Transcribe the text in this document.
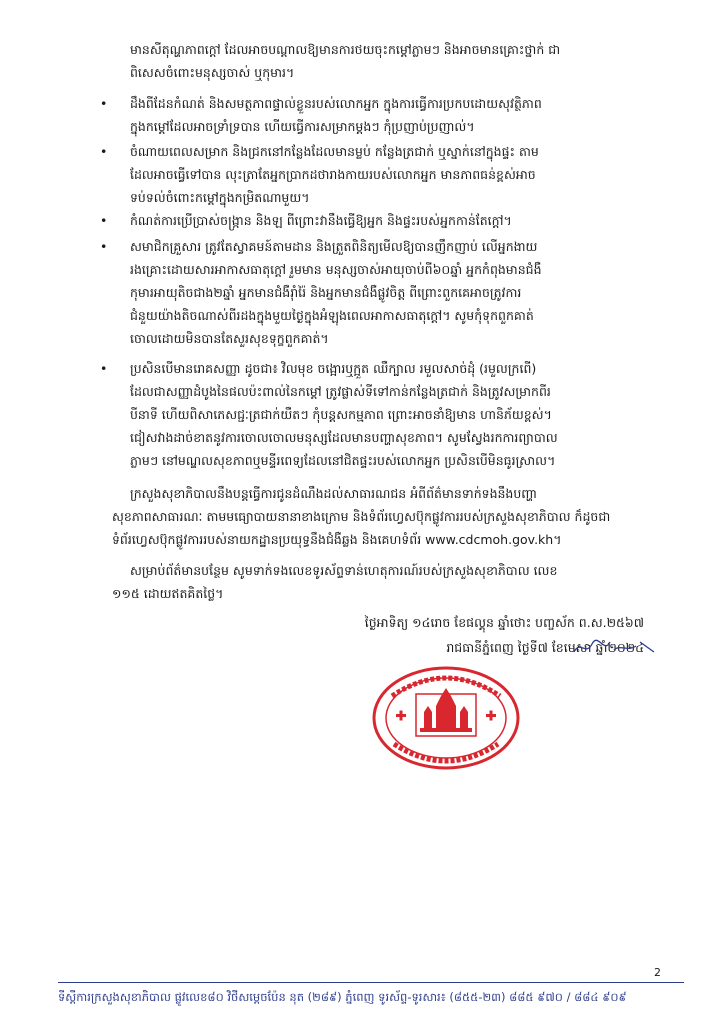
មានសីតុណ្ហភាពក្តៅ ដែលអាចបណ្តាលឱ្យមានការថយចុះកម្តៅភ្លាមៗ និងអាចមានគ្រោះថ្នាក់ ជា
ពិសេសចំពោះមនុស្សចាស់ ឬកុមារ។

•	ដឹងពីដែនកំណត់ និងសមត្ថភាពផ្ទាល់ខ្លួនរបស់លោកអ្នក ក្នុងការធ្វើការប្រកបដោយសុវត្ថិភាព
ក្នុងកម្តៅដែលអាចទ្រាំទ្របាន ហើយធ្វើការសម្រាកម្តងៗ កុំប្រញាប់ប្រញាល់។
•	ចំណាយពេលសម្រាក និងជ្រកនៅកន្លែងដែលមានម្លប់ កន្លែងត្រជាក់ ឬស្នាក់នៅក្នុងផ្ទះ តាម
ដែលអាចធ្វើទៅបាន លុះត្រាតែអ្នកប្រាកដថារាងកាយរបស់លោកអ្នក មានភាពធន់ខ្ពស់អាច
ទប់ទល់ចំពោះកម្តៅក្នុងកម្រិតណាមួយ។
•	កំណត់ការប្រើប្រាស់ចង្ក្រាន និងឡ ពីព្រោះវានឹងធ្វើឱ្យអ្នក និងផ្ទះរបស់អ្នកកាន់តែក្តៅ។
•	សមាជិកគ្រួសារ ត្រូវតែស្វាគមន៍តាមដាន និងត្រួតពិនិត្យមើលឱ្យបានញឹកញាប់ លើអ្នកងាយ
រងគ្រោះដោយសារអាកាសធាតុក្តៅ រួមមាន មនុស្សចាស់អាយុចាប់ពី៦០ឆ្នាំ អ្នកកំពុងមានជំងឺ
កុមារអាយុតិចជាង២ឆ្នាំ អ្នកមានជំងឺរ៉ាំរ៉ៃ និងអ្នកមានជំងឺផ្លូវចិត្ត ពីព្រោះពួកគេអាចត្រូវការ
ជំនួយយ៉ាងតិចណាស់ពីរដងក្នុងមួយថ្ងៃក្នុងអំឡុងពេលអាកាសធាតុក្តៅ។ សូមកុំទុកពួកគាត់
ចោលដោយមិនបានតែសួរសុខទុក្ខពួកគាត់។
•	ប្រសិនបើមានរោគសញ្ញា ដូចជា៖ វិលមុខ ចង្អោរឬក្អួត ឈឺក្បាល រមួលសាច់ដុំ (រមួលក្រពើ)
ដែលជាសញ្ញាដំបូងនៃផលប៉ះពាល់នៃកម្តៅ ត្រូវផ្លាស់ទីទៅកាន់កន្លែងត្រជាក់ និងត្រូវសម្រាកពីរ
បីនាទី ហើយពិសាភេសជ្ជៈត្រជាក់យឺតៗ កុំបន្តសកម្មភាព ព្រោះអាចនាំឱ្យមាន ហានិភ័យខ្ពស់។
ជៀសវាងដាច់ខាតនូវការចោលចោលមនុស្សដែលមានបញ្ហាសុខភាព។ សូមស្វែងរកការព្យាបាល
ភ្លាមៗ នៅមណ្ឌលសុខភាពឬមន្ទីរពេទ្យដែលនៅជិតផ្ទះរបស់លោកអ្នក ប្រសិនបើមិនធូរស្រាល។

ក្រសួងសុខាភិបាលនឹងបន្តធ្វើការជូនដំណឹងដល់សាធារណជន អំពីព័ត៌មានទាក់ទងនឹងបញ្ហា
សុខភាពសាធារណៈ តាមមធ្យោបាយនានាខាងក្រោម និងទំព័រហ្វេសប៊ុកផ្លូវការរបស់ក្រសួងសុខាភិបាល ក៏ដូចជា
ទំព័រហ្វេសប៊ុកផ្លូវការរបស់នាយកដ្ឋានប្រយុទ្ធនឹងជំងឺឆ្លង និងគេហទំព័រ www.cdcmoh.gov.kh។

សម្រាប់ព័ត៌មានបន្ថែម សូមទាក់ទងលេខទូរស័ព្ទទាន់ហេតុការណ៍របស់ក្រសួងសុខាភិបាល លេខ
១១៥ ដោយឥតគិតថ្លៃ។

ថ្ងៃអាទិត្យ ១៤រោច ខែផល្គុន ឆ្នាំថោះ បញ្ចស័ក ព.ស.២៥៦៧
រាជធានីភ្នំពេញ ថ្ងៃទី៧ ខែមេសា ឆ្នាំ២០២៤
2
ទីស្តីការក្រសួងសុខាភិបាល ផ្លូវលេខ៨០ វិថីសម្តេចប៉ែន នុត (២៨៩) ភ្នំពេញ ទូរស័ព្ទ-ទូរសារ៖ (៨៥៥-២៣) ៨៨៥ ៩៧០ / ៨៨៤ ៩០៩
